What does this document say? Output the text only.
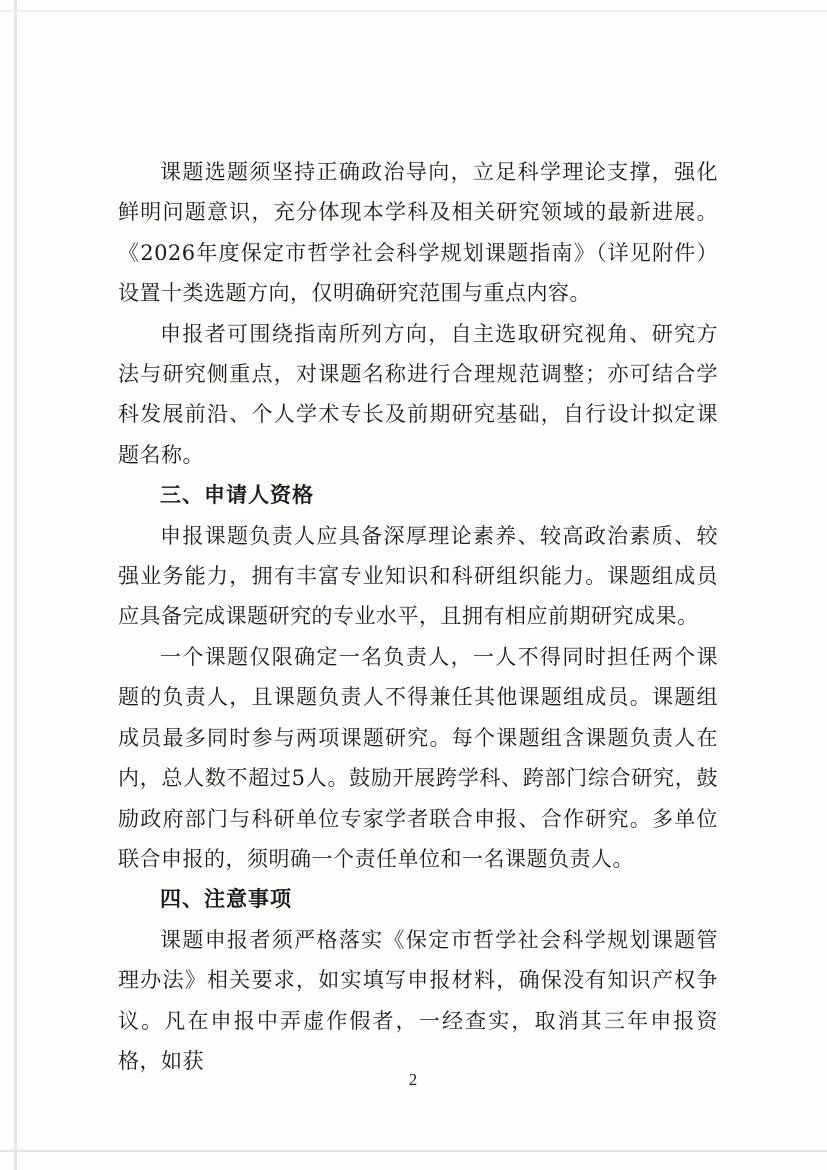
课题选题须坚持正确政治导向，立足科学理论支撑，强化鲜明问题意识，充分体现本学科及相关研究领域的最新进展。《2026年度保定市哲学社会科学规划课题指南》（详见附件）设置十类选题方向，仅明确研究范围与重点内容。

申报者可围绕指南所列方向，自主选取研究视角、研究方法与研究侧重点，对课题名称进行合理规范调整；亦可结合学科发展前沿、个人学术专长及前期研究基础，自行设计拟定课题名称。

三、申请人资格

申报课题负责人应具备深厚理论素养、较高政治素质、较强业务能力，拥有丰富专业知识和科研组织能力。课题组成员应具备完成课题研究的专业水平，且拥有相应前期研究成果。

一个课题仅限确定一名负责人，一人不得同时担任两个课题的负责人，且课题负责人不得兼任其他课题组成员。课题组成员最多同时参与两项课题研究。每个课题组含课题负责人在内，总人数不超过5人。鼓励开展跨学科、跨部门综合研究，鼓励政府部门与科研单位专家学者联合申报、合作研究。多单位联合申报的，须明确一个责任单位和一名课题负责人。

四、注意事项

课题申报者须严格落实《保定市哲学社会科学规划课题管理办法》相关要求，如实填写申报材料，确保没有知识产权争议。凡在申报中弄虚作假者，一经查实，取消其三年申报资格，如获

2
